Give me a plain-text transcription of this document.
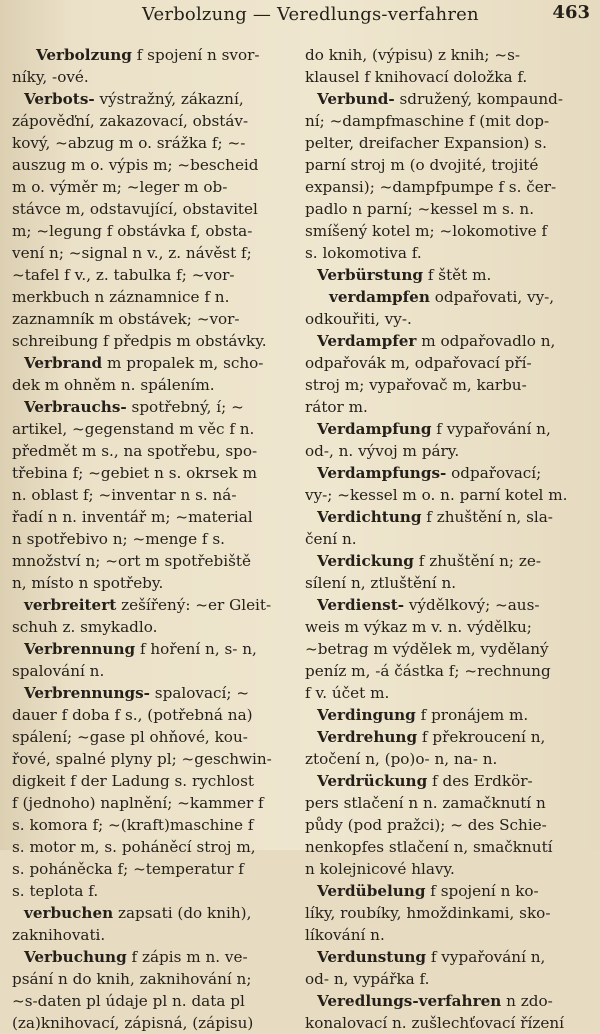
Verbolzung — Veredlungs-verfahren	463
Verbolzung f spojení n svor-
níky, -ové.
Verbots- výstražný, zákazní,
zápověďní, zakazovací, obstáv-
kový, ~abzug m o. srážka f; ~-
auszug m o. výpis m; ~bescheid
m o. výměr m; ~leger m ob-
stávce m, odstavující, obstavitel
m; ~legung f obstávka f, obsta-
vení n; ~signal n v., z. návěst f;
~tafel f v., z. tabulka f; ~vor-
merkbuch n záznamnice f n.
zaznamník m obstávek; ~vor-
schreibung f předpis m obstávky.
Verbrand m propalek m, scho-
dek m ohněm n. spálením.
Verbrauchs- spotřebný, í; ~
artikel, ~gegenstand m věc f n.
předmět m s., na spotřebu, spo-
třebina f; ~gebiet n s. okrsek m
n. oblast f; ~inventar n s. ná-
řadí n n. inventář m; ~material
n spotřebivo n; ~menge f s.
množství n; ~ort m spotřebiště
n, místo n spotřeby.
verbreitert zešířený: ~er Gleit-
schuh z. smykadlo.
Verbrennung f hoření n, s- n,
spalování n.
Verbrennungs- spalovací; ~
dauer f doba f s., (potřebná na)
spálení; ~gase pl ohňové, kou-
řové, spalné plyny pl; ~geschwin-
digkeit f der Ladung s. rychlost
f (jednoho) naplnění; ~kammer f
s. komora f; ~(kraft)maschine f
s. motor m, s. poháněcí stroj m,
s. poháněcka f; ~temperatur f
s. teplota f.
verbuchen zapsati (do knih),
zaknihovati.
Verbuchung f zápis m n. ve-
psání n do knih, zaknihování n;
~s-daten pl údaje pl n. data pl
(za)knihovací, zápisná, (zápisu)
do knih, (výpisu) z knih; ~s-
klausel f knihovací doložka f.
Verbund- sdružený, kompaund-
ní; ~dampfmaschine f (mit dop-
pelter, dreifacher Expansion) s.
parní stroj m (o dvojité, trojité
expansi); ~dampfpumpe f s. čer-
padlo n parní; ~kessel m s. n.
smíšený kotel m; ~lokomotive f
s. lokomotiva f.
Verbürstung f štět m.
verdampfen odpařovati, vy-,
odkouřiti, vy-.
Verdampfer m odpařovadlo n,
odpařovák m, odpařovací pří-
stroj m; vypařovač m, karbu-
rátor m.
Verdampfung f vypařování n,
od-, n. vývoj m páry.
Verdampfungs- odpařovací;
vy-; ~kessel m o. n. parní kotel m.
Verdichtung f zhuštění n, sla-
čení n.
Verdickung f zhuštění n; ze-
sílení n, ztluštění n.
Verdienst- výdělkový; ~aus-
weis m výkaz m v. n. výdělku;
~betrag m výdělek m, vydělaný
peníz m, -á částka f; ~rechnung
f v. účet m.
Verdingung f pronájem m.
Verdrehung f překroucení n,
ztočení n, (po)o- n, na- n.
Verdrückung f des Erdkör-
pers stlačení n n. zamačknutí n
půdy (pod pražci); ~ des Schie-
nenkopfes stlačení n, smačknutí
n kolejnicové hlavy.
Verdübelung f spojení n ko-
líky, roubíky, hmoždinkami, sko-
líkování n.
Verdunstung f vypařování n,
od- n, vypářka f.
Veredlungs-verfahren n zdo-
konalovací n. zušlechťovací řízení
